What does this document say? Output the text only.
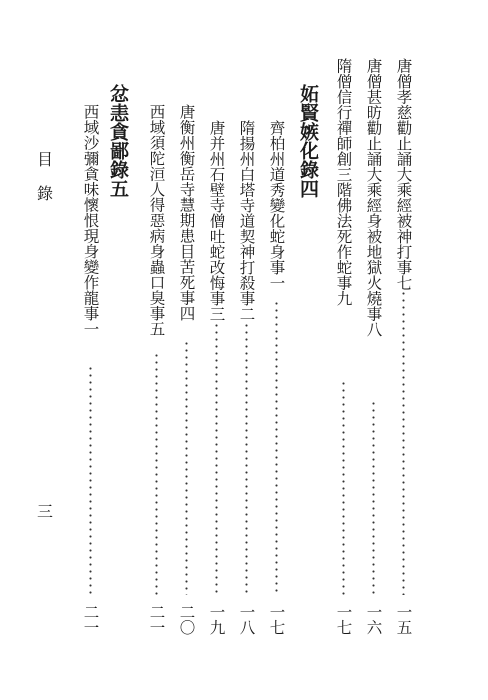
唐僧孝慈勸止誦大乘經被神打事七
一五
唐僧甚昉勸止誦大乘經身被地獄火燒事八
一六
隋僧信行禪師創三階佛法死作蛇事九
一七
妬賢嫉化錄四
齊柏州道秀變化蛇身事一
一七
隋揚州白塔寺道契神打殺事二
一八
唐并州石壁寺僧吐蛇改悔事三
一九
唐衡州衡岳寺慧期患目苦死事四
二〇
西域須陀洹人得惡病身蟲口臭事五
二一
忿恚貪鄙錄五
西域沙彌貪味懷恨現身變作龍事一
二一
目
錄
三
